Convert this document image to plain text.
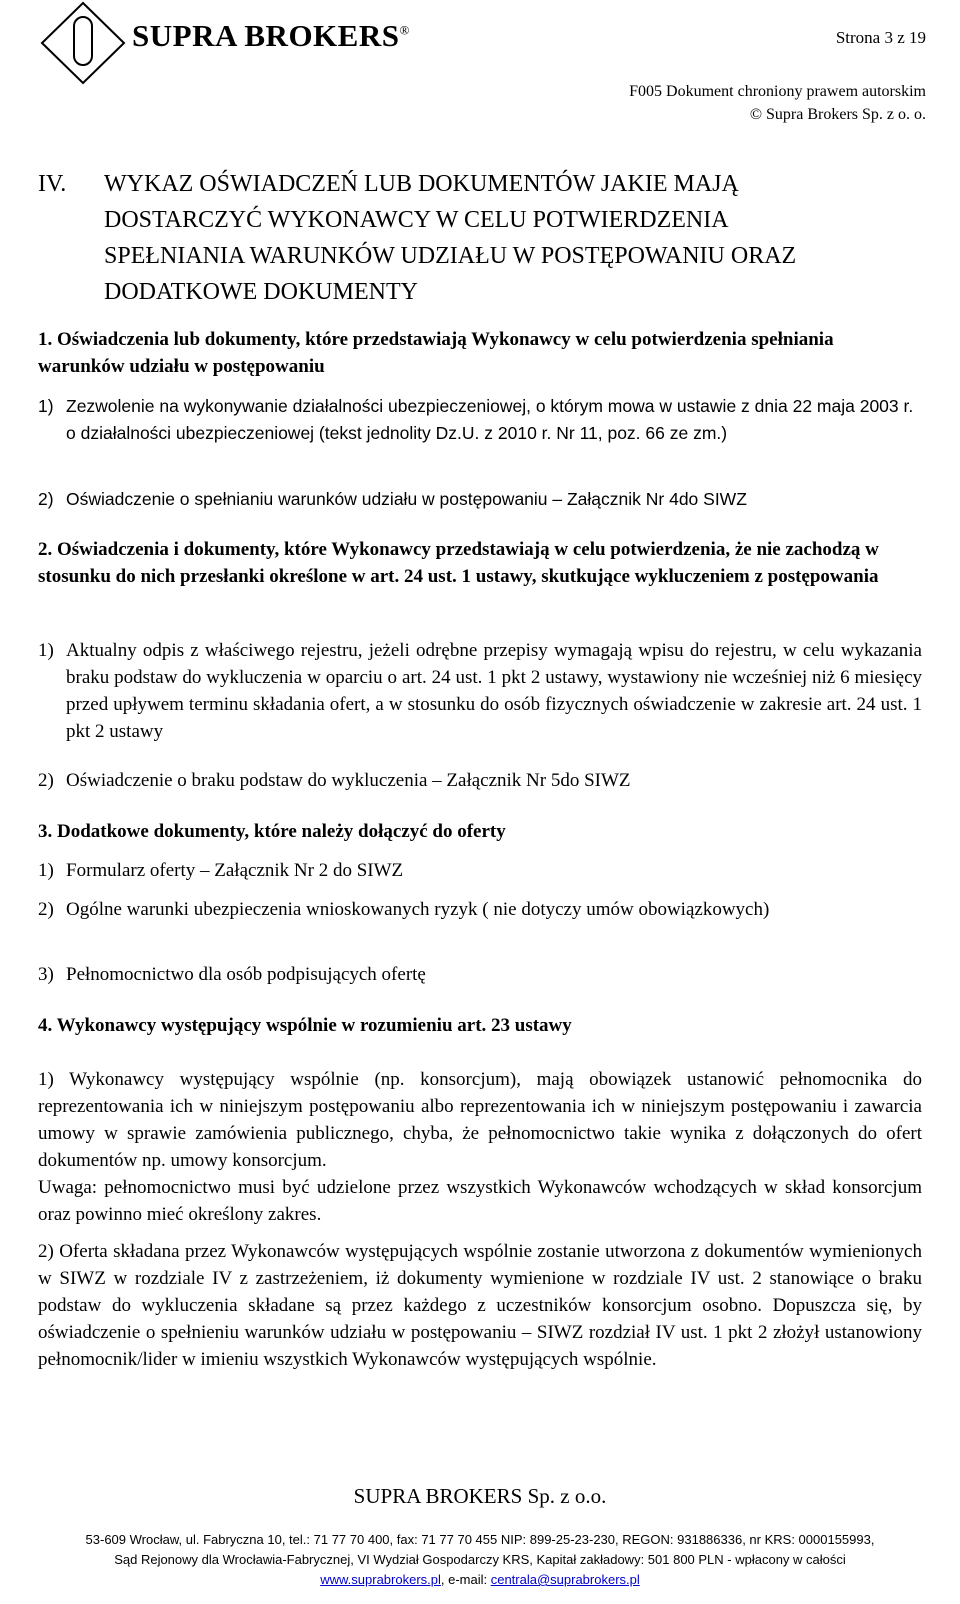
SUPRA BROKERS®	Strona 3 z 19
F005 Dokument chroniony prawem autorskim
© Supra Brokers Sp. z o. o.
IV. WYKAZ OŚWIADCZEŃ LUB DOKUMENTÓW JAKIE MAJĄ
DOSTARCZYĆ WYKONAWCY W CELU POTWIERDZENIA
SPEŁNIANIA WARUNKÓW UDZIAŁU W POSTĘPOWANIU ORAZ
DODATKOWE DOKUMENTY
1. Oświadczenia lub dokumenty, które przedstawiają Wykonawcy w celu potwierdzenia spełniania warunków udziału w postępowaniu
1) Zezwolenie na wykonywanie działalności ubezpieczeniowej, o którym mowa w ustawie z dnia 22 maja 2003 r. o działalności ubezpieczeniowej (tekst jednolity Dz.U. z 2010 r. Nr 11, poz. 66 ze zm.)
2) Oświadczenie o spełnianiu warunków udziału w postępowaniu – Załącznik Nr 4do SIWZ
2. Oświadczenia i dokumenty, które Wykonawcy przedstawiają w celu potwierdzenia, że nie zachodzą w stosunku do nich przesłanki określone w art. 24 ust. 1 ustawy, skutkujące wykluczeniem z postępowania
1) Aktualny odpis z właściwego rejestru, jeżeli odrębne przepisy wymagają wpisu do rejestru, w celu wykazania braku podstaw do wykluczenia w oparciu o art. 24 ust. 1 pkt 2 ustawy, wystawiony nie wcześniej niż 6 miesięcy przed upływem terminu składania ofert, a w stosunku do osób fizycznych oświadczenie w zakresie art. 24 ust. 1 pkt 2 ustawy
2) Oświadczenie o braku podstaw do wykluczenia – Załącznik Nr 5do SIWZ
3. Dodatkowe dokumenty, które należy dołączyć do oferty
1) Formularz oferty – Załącznik Nr 2 do SIWZ
2) Ogólne warunki ubezpieczenia wnioskowanych ryzyk ( nie dotyczy umów obowiązkowych)
3) Pełnomocnictwo dla osób podpisujących ofertę
4. Wykonawcy występujący wspólnie w rozumieniu art. 23 ustawy
1) Wykonawcy występujący wspólnie (np. konsorcjum), mają obowiązek ustanowić pełnomocnika do reprezentowania ich w niniejszym postępowaniu albo reprezentowania ich w niniejszym postępowaniu i zawarcia umowy w sprawie zamówienia publicznego, chyba, że pełnomocnictwo takie wynika z dołączonych do ofert dokumentów np. umowy konsorcjum.
Uwaga: pełnomocnictwo musi być udzielone przez wszystkich Wykonawców wchodzących w skład konsorcjum oraz powinno mieć określony zakres.
2) Oferta składana przez Wykonawców występujących wspólnie zostanie utworzona z dokumentów wymienionych w SIWZ w rozdziale IV z zastrzeżeniem, iż dokumenty wymienione w rozdziale IV ust. 2 stanowiące o braku podstaw do wykluczenia składane są przez każdego z uczestników konsorcjum osobno. Dopuszcza się, by oświadczenie o spełnieniu warunków udziału w postępowaniu – SIWZ rozdział IV ust. 1 pkt 2 złożył ustanowiony pełnomocnik/lider w imieniu wszystkich Wykonawców występujących wspólnie.
SUPRA BROKERS Sp. z o.o.
53-609 Wrocław, ul. Fabryczna 10, tel.: 71 77 70 400, fax: 71 77 70 455 NIP: 899-25-23-230, REGON: 931886336, nr KRS: 0000155993,
Sąd Rejonowy dla Wrocławia-Fabrycznej, VI Wydział Gospodarczy KRS, Kapitał zakładowy: 501 800 PLN - wpłacony w całości
www.suprabrokers.pl, e-mail: centrala@suprabrokers.pl
